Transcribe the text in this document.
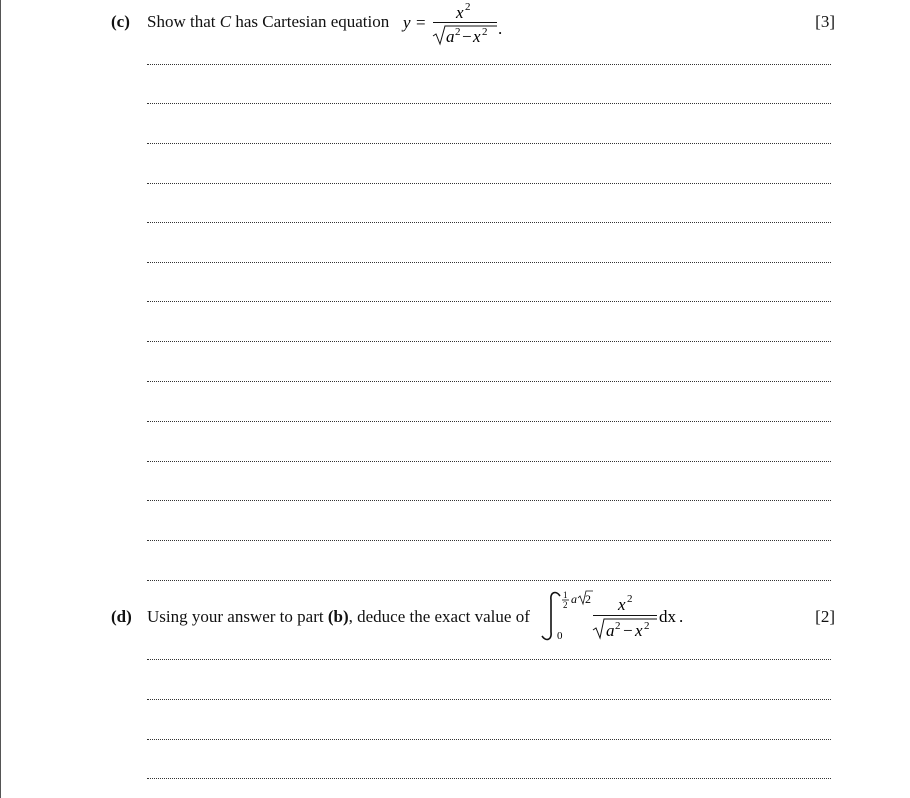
(c) Show that C has Cartesian equation y =
x 2
a 2 − x 2 .	[3]
(d) Using your answer to part (b), deduce the exact value of
1
2 a 2
0
x 2
a 2 − x 2 dx .	[2]
